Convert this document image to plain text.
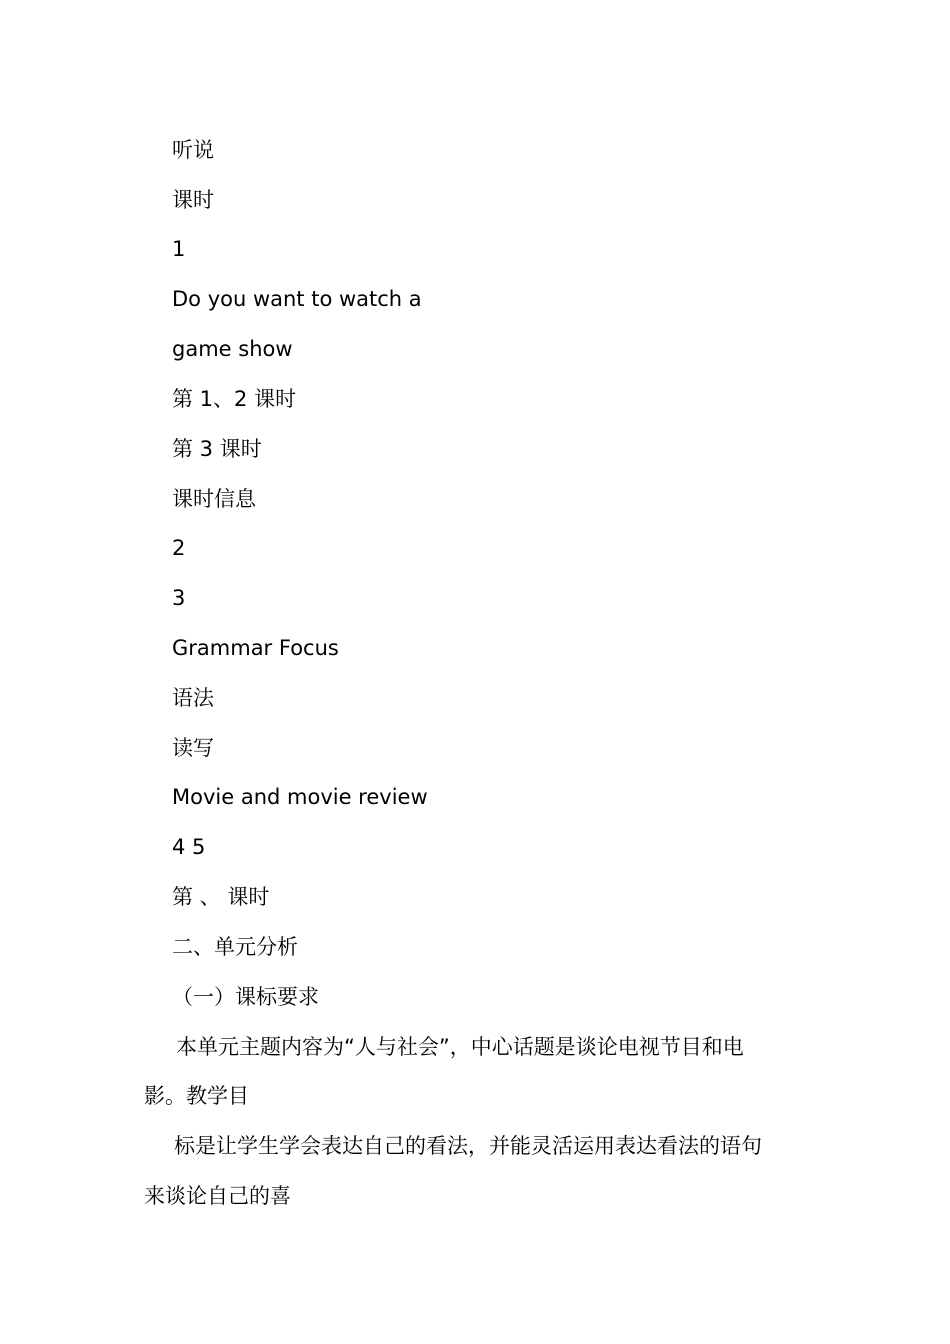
听说
课时
1
Do you want to watch a
game show
第 1、2 课时
第 3 课时
课时信息
2
3
Grammar Focus
语法
读写
Movie and movie review
4 5
第 、 课时
二、单元分析
（一）课标要求
本单元主题内容为“人与社会”，中心话题是谈论电视节目和电
影。教学目
标是让学生学会表达自己的看法，并能灵活运用表达看法的语句
来谈论自己的喜
